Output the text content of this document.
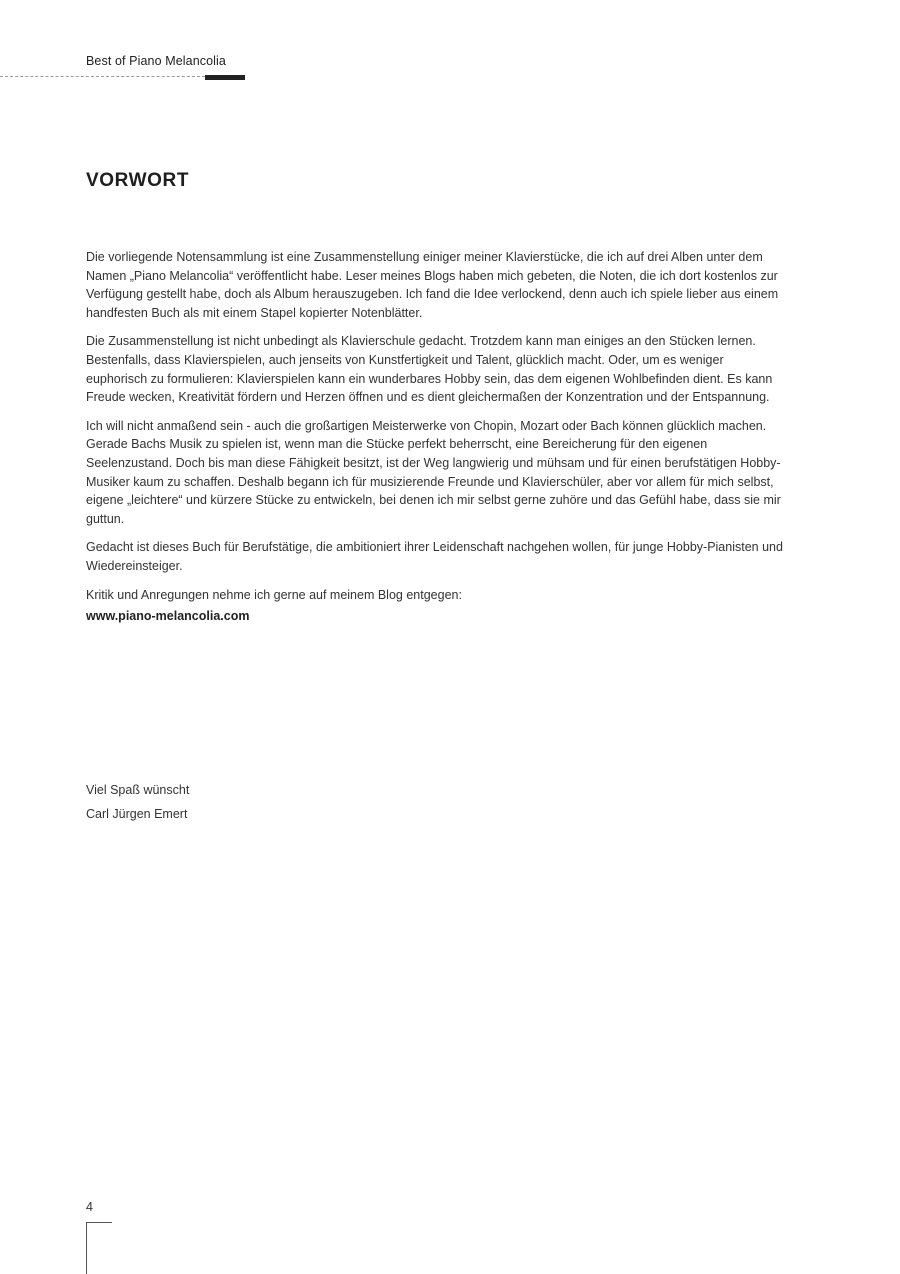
Best of Piano Melancolia
VORWORT

Die vorliegende Notensammlung ist eine Zusammenstellung einiger meiner Klavierstücke, die ich auf drei Alben unter dem Namen „Piano Melancolia“ veröffentlicht habe. Leser meines Blogs haben mich gebeten, die Noten, die ich dort kostenlos zur Verfügung gestellt habe, doch als Album herauszugeben. Ich fand die Idee verlockend, denn auch ich spiele lieber aus einem handfesten Buch als mit einem Stapel kopierter Notenblätter.

Die Zusammenstellung ist nicht unbedingt als Klavierschule gedacht. Trotzdem kann man einiges an den Stücken lernen. Bestenfalls, dass Klavierspielen, auch jenseits von Kunstfertigkeit und Talent, glücklich macht. Oder, um es weniger euphorisch zu formulieren: Klavierspielen kann ein wunderbares Hobby sein, das dem eigenen Wohlbefinden dient. Es kann Freude wecken, Kreativität fördern und Herzen öffnen und es dient gleichermaßen der Konzentration und der Entspannung.

Ich will nicht anmaßend sein - auch die großartigen Meisterwerke von Chopin, Mozart oder Bach können glücklich machen. Gerade Bachs Musik zu spielen ist, wenn man die Stücke perfekt beherrscht, eine Bereicherung für den eigenen Seelenzustand. Doch bis man diese Fähigkeit besitzt, ist der Weg langwierig und mühsam und für einen berufstätigen Hobby-Musiker kaum zu schaffen. Deshalb begann ich für musizierende Freunde und Klavierschüler, aber vor allem für mich selbst, eigene „leichtere“ und kürzere Stücke zu entwickeln, bei denen ich mir selbst gerne zuhöre und das Gefühl habe, dass sie mir guttun.

Gedacht ist dieses Buch für Berufstätige, die ambitioniert ihrer Leidenschaft nachgehen wollen, für junge Hobby-Pianisten und Wiedereinsteiger.

Kritik und Anregungen nehme ich gerne auf meinem Blog entgegen:

www.piano-melancolia.com
Viel Spaß wünscht
Carl Jürgen Emert
4
